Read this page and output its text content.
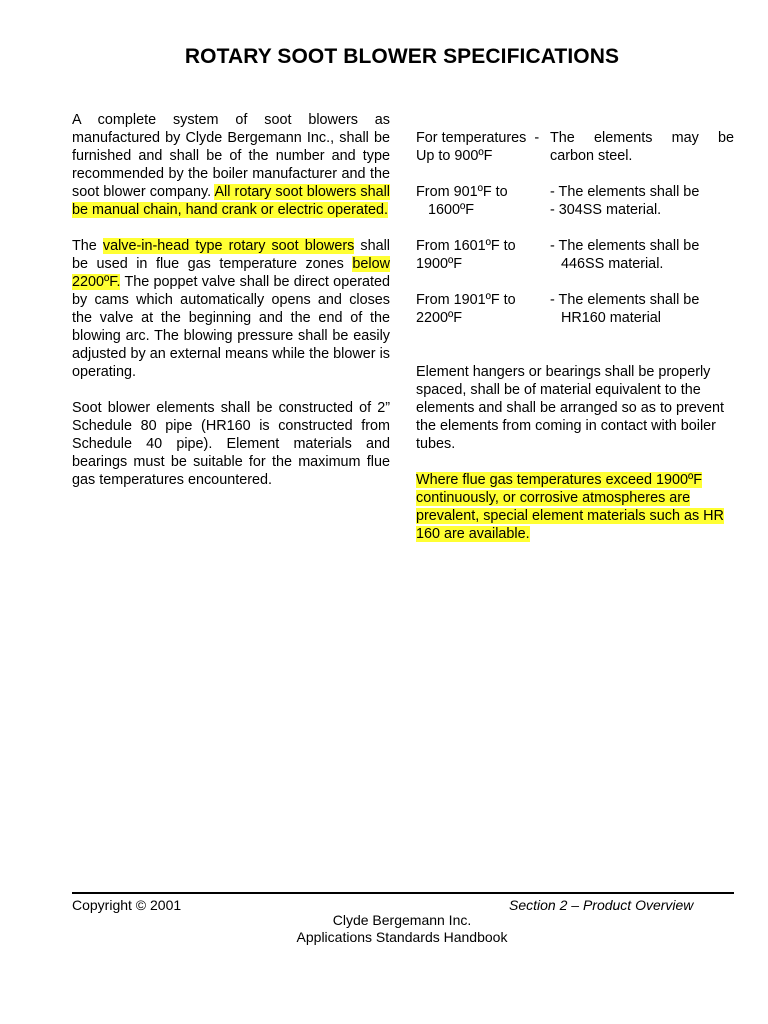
ROTARY SOOT BLOWER SPECIFICATIONS

A complete system of soot blowers as manufactured by Clyde Bergemann Inc., shall be furnished and shall be of the number and type recommended by the boiler manufacturer and the soot blower company. All rotary soot blowers shall be manual chain, hand crank or electric operated.

The valve-in-head type rotary soot blowers shall be used in flue gas temperature zones below 2200ºF. The poppet valve shall be direct operated by cams which automatically opens and closes the valve at the beginning and the end of the blowing arc. The blowing pressure shall be easily adjusted by an external means while the blower is operating.

Soot blower elements shall be constructed of 2” Schedule 80 pipe (HR160 is constructed from Schedule 40 pipe). Element materials and bearings must be suitable for the maximum flue gas temperatures encountered.

For temperatures  -
Up to 900ºF
The elements may be
carbon steel.
From 901ºF to
1600ºF
- The elements shall be
- 304SS material.
From 1601ºF to
1900ºF
- The elements shall be
446SS material.
From 1901ºF to
2200ºF
- The elements shall be
HR160 material

Element hangers or bearings shall be properly spaced, shall be of material equivalent to the elements and shall be arranged so as to prevent the elements from coming in contact with boiler tubes.

Where flue gas temperatures exceed 1900ºF continuously, or corrosive atmospheres are prevalent, special element materials such as HR 160 are available.

Copyright © 2001	Section 2 – Product Overview
Clyde Bergemann Inc.
Applications Standards Handbook
